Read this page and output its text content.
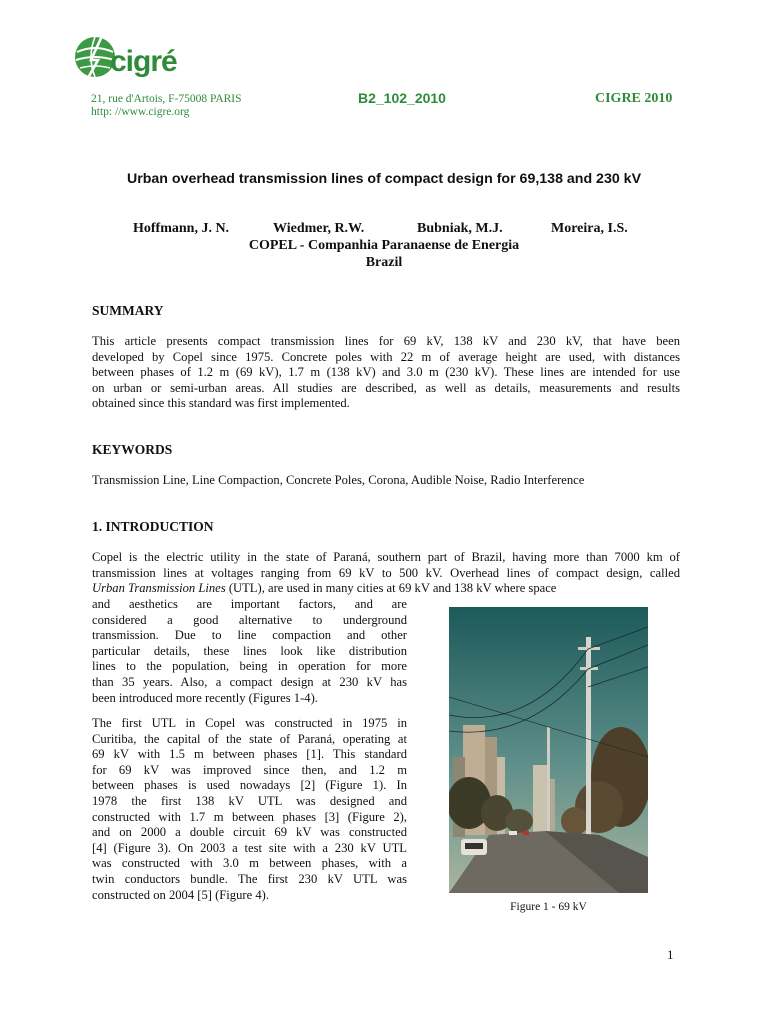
cigré
21, rue d'Artois, F-75008 PARIS
http: //www.cigre.org
B2_102_2010	CIGRE 2010
Urban overhead transmission lines of compact design for 69,138 and 230 kV
Hoffmann, J. N.	Wiedmer, R.W.	Bubniak, M.J.	Moreira, I.S.
COPEL - Companhia Paranaense de Energia
Brazil
SUMMARY
This article presents compact transmission lines for 69 kV, 138 kV and 230 kV, that have been
developed by Copel since 1975. Concrete poles with 22 m of average height are used, with distances
between phases of 1.2 m (69 kV), 1.7 m (138 kV) and 3.0 m (230 kV). These lines are intended for use
on urban or semi-urban areas. All studies are described, as well as details, measurements and results
obtained since this standard was first implemented.
KEYWORDS
Transmission Line, Line Compaction, Concrete Poles, Corona, Audible Noise, Radio Interference
1. INTRODUCTION
Copel is the electric utility in the state of Paraná, southern part of Brazil, having more than 7000 km of
transmission lines at voltages ranging from 69 kV to 500 kV. Overhead lines of compact design, called
Urban Transmission Lines (UTL), are used in many cities at 69 kV and 138 kV where space
and aesthetics are important factors, and are
considered a good alternative to underground
transmission. Due to line compaction and other
particular details, these lines look like distribution
lines to the population, being in operation for more
than 35 years. Also, a compact design at 230 kV has
been introduced more recently (Figures 1-4).
The first UTL in Copel was constructed in 1975 in
Curitiba, the capital of the state of Paraná, operating at
69 kV with 1.5 m between phases [1]. This standard
for 69 kV was improved since then, and 1.2 m
between phases is used nowadays [2] (Figure 1). In
1978 the first 138 kV UTL was designed and
constructed with 1.7 m between phases [3] (Figure 2),
and on 2000 a double circuit 69 kV was constructed
[4] (Figure 3). On 2003 a test site with a 230 kV UTL
was constructed with 3.0 m between phases, with a
twin conductors bundle. The first 230 kV UTL was
constructed on 2004 [5] (Figure 4).
Figure 1 - 69 kV
1
